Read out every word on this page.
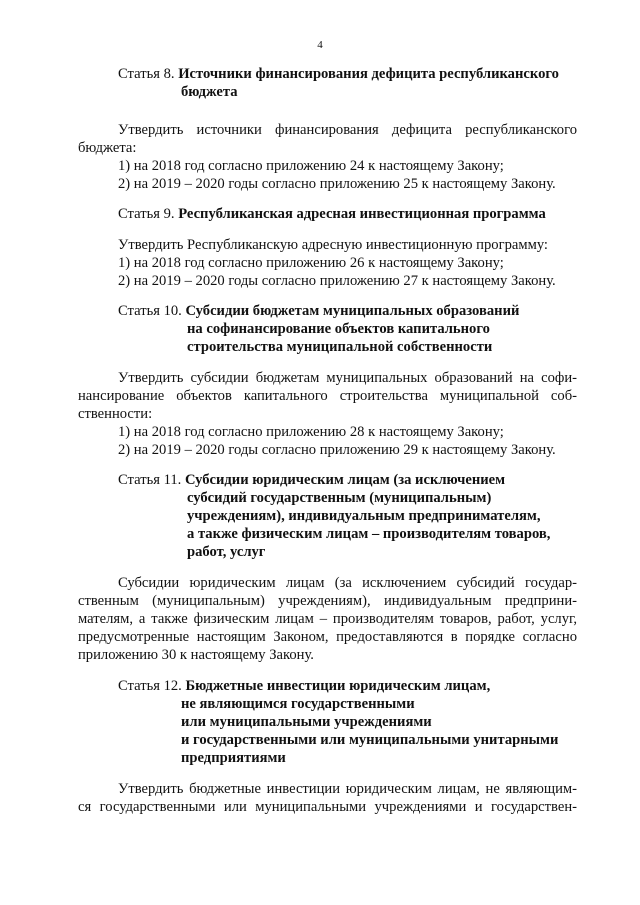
4
Статья 8. Источники финансирования дефицита республиканского
бюджета
Утвердить источники финансирования дефицита республиканского
бюджета:
1) на 2018 год согласно приложению 24 к настоящему Закону;
2) на 2019 – 2020 годы согласно приложению 25 к настоящему Закону.
Статья 9. Республиканская адресная инвестиционная программа
Утвердить Республиканскую адресную инвестиционную программу:
1) на 2018 год согласно приложению 26 к настоящему Закону;
2) на 2019 – 2020 годы согласно приложению 27 к настоящему Закону.
Статья 10. Субсидии бюджетам муниципальных образований
на софинансирование объектов капитального
строительства муниципальной собственности
Утвердить субсидии бюджетам муниципальных образований на софи-
нансирование объектов капитального строительства муниципальной соб-
ственности:
1) на 2018 год согласно приложению 28 к настоящему Закону;
2) на 2019 – 2020 годы согласно приложению 29 к настоящему Закону.
Статья 11. Субсидии юридическим лицам (за исключением
субсидий государственным (муниципальным)
учреждениям), индивидуальным предпринимателям,
а также физическим лицам – производителям товаров,
работ, услуг
Субсидии юридическим лицам (за исключением субсидий государ-
ственным (муниципальным) учреждениям), индивидуальным предприни-
мателям, а также физическим лицам – производителям товаров, работ, услуг,
предусмотренные настоящим Законом, предоставляются в порядке согласно
приложению 30 к настоящему Закону.
Статья 12. Бюджетные инвестиции юридическим лицам,
не являющимся государственными
или муниципальными учреждениями
и государственными или муниципальными унитарными
предприятиями
Утвердить бюджетные инвестиции юридическим лицам, не являющим-
ся государственными или муниципальными учреждениями и государствен-
